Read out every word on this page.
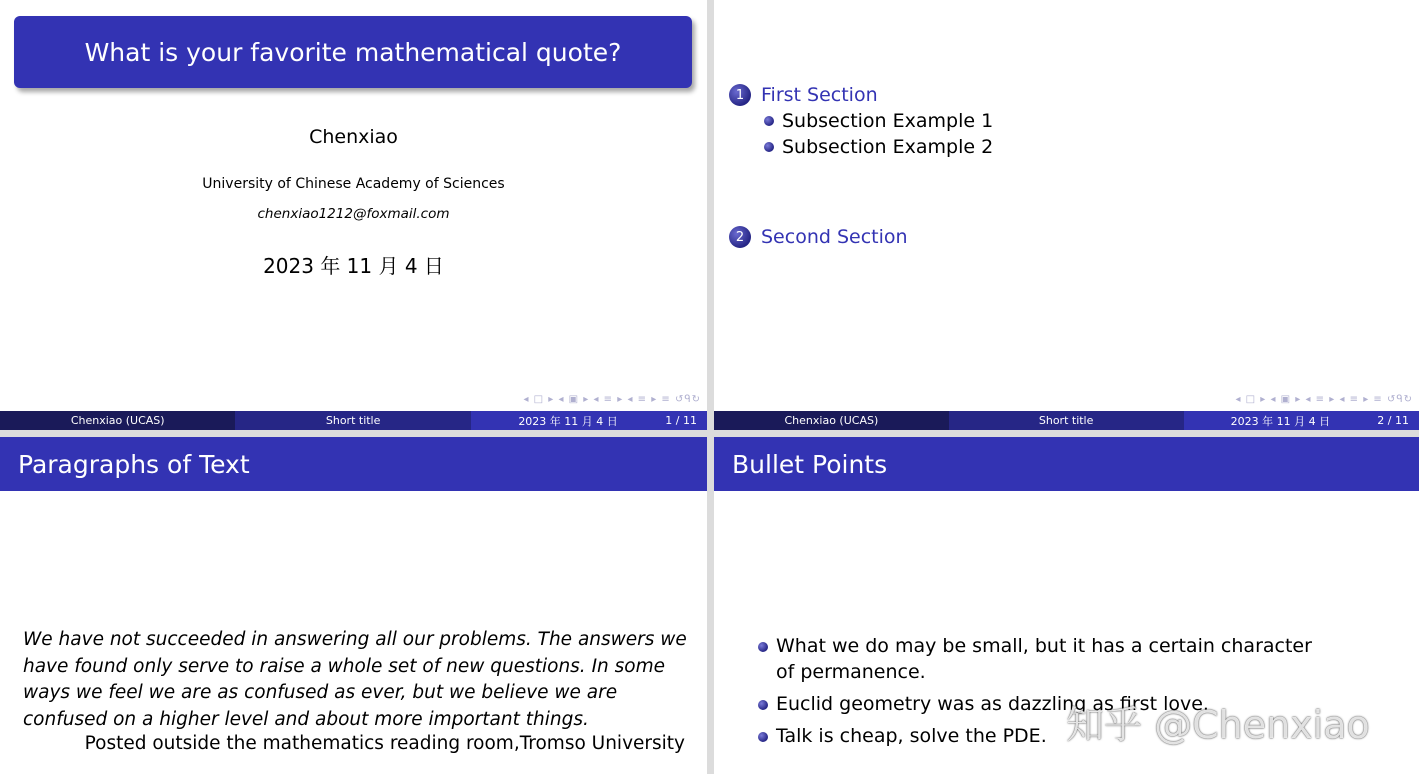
What is your favorite mathematical quote?
Chenxiao
University of Chinese Academy of Sciences
chenxiao1212@foxmail.com
2023 年 11 月 4 日
◂ □ ▸ ◂ ▣ ▸ ◂ ≡ ▸ ◂ ≡ ▸ ≡ ↺ᑫ↻
Chenxiao (UCAS)	Short title	2023 年 11 月 4 日	1 / 11
1 First Section
Subsection Example 1
Subsection Example 2
2 Second Section
◂ □ ▸ ◂ ▣ ▸ ◂ ≡ ▸ ◂ ≡ ▸ ≡ ↺ᑫ↻
Chenxiao (UCAS)	Short title	2023 年 11 月 4 日	2 / 11
Paragraphs of Text

We have not succeeded in answering all our problems. The answers we have found only serve to raise a whole set of new questions. In some ways we feel we are as confused as ever, but we believe we are confused on a higher level and about more important things.

Posted outside the mathematics reading room,Tromso University
Bullet Points
What we do may be small, but it has a certain character of permanence.
Euclid geometry was as dazzling as first love.
Talk is cheap, solve the PDE. 知乎 @Chenxiao
